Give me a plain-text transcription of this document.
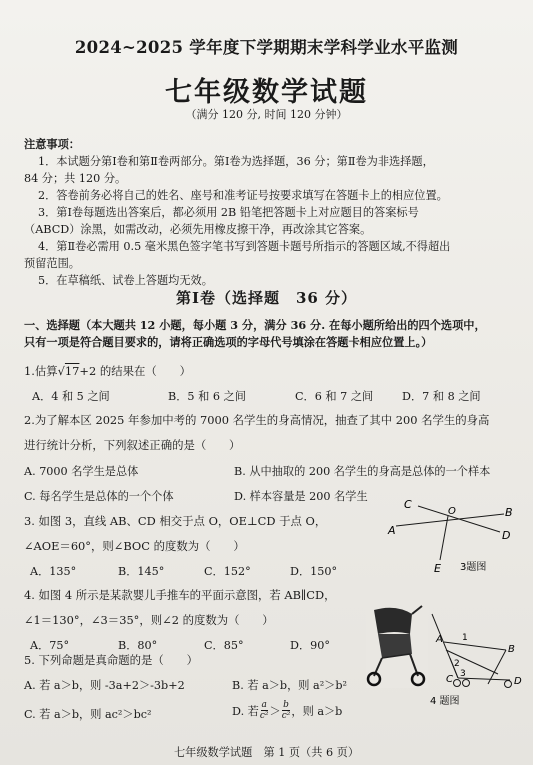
2024~2025 学年度下学期期末学科学业水平监测
七年级数学试题
（满分 120 分, 时间 120 分钟）
注意事项：
1．本试题分第Ⅰ卷和第Ⅱ卷两部分。第Ⅰ卷为选择题，36 分；第Ⅱ卷为非选择题，
84 分；共 120 分。
2．答卷前务必将自己的姓名、座号和准考证号按要求填写在答题卡上的相应位置。
3．第Ⅰ卷每题选出答案后，都必须用 2B 铅笔把答题卡上对应题目的答案标号
（ABCD）涂黑，如需改动，必须先用橡皮擦干净，再改涂其它答案。
4．第Ⅱ卷必需用 0.5 毫米黑色签字笔书写到答题卡题号所指示的答题区域,不得超出
预留范围。
5．在草稿纸、试卷上答题均无效。
第Ⅰ卷（选择题　36 分）
一、选择题（本大题共 12 小题，每小题 3 分，满分 36 分. 在每小题所给出的四个选项中，
只有一项是符合题目要求的，请将正确选项的字母代号填涂在答题卡相应位置上。）
1.估算√17+2 的结果在（　　）
A．4 和 5 之间	B．5 和 6 之间	C．6 和 7 之间	D．7 和 8 之间
2.为了解本区 2025 年参加中考的 7000 名学生的身高情况，抽查了其中 200 名学生的身高
进行统计分析，下列叙述正确的是（　　）
A. 7000 名学生是总体	B. 从中抽取的 200 名学生的身高是总体的一个样本
C. 每名学生是总体的一个个体	D. 样本容量是 200 名学生
3. 如图 3，直线 AB、CD 相交于点 O，OE⊥CD 于点 O，
∠AOE＝60°，则∠BOC 的度数为（　　）
A．135°	B．145°	C．152°	D．150°
C
B
A
O
D
E 3题图
4. 如图 4 所示是某款婴儿手推车的平面示意图，若 AB∥CD，
∠1＝130°，∠3＝35°，则∠2 的度数为（　　）
A．75°	B．80°	C．85°	D．90°	A 1
B
2
3
C	D
4 题图
5. 下列命题是真命题的是（　　）
A. 若 a＞b，则 -3a+2＞-3b+2	B. 若 a＞b，则 a²＞b²
C. 若 a＞b，则 ac²＞bc²	D. 若 $\frac{a}{\text{c²}} > \frac{b}{\text{c²}}$ ，则 a＞b
七年级数学试题　第 1 页（共 6 页）
